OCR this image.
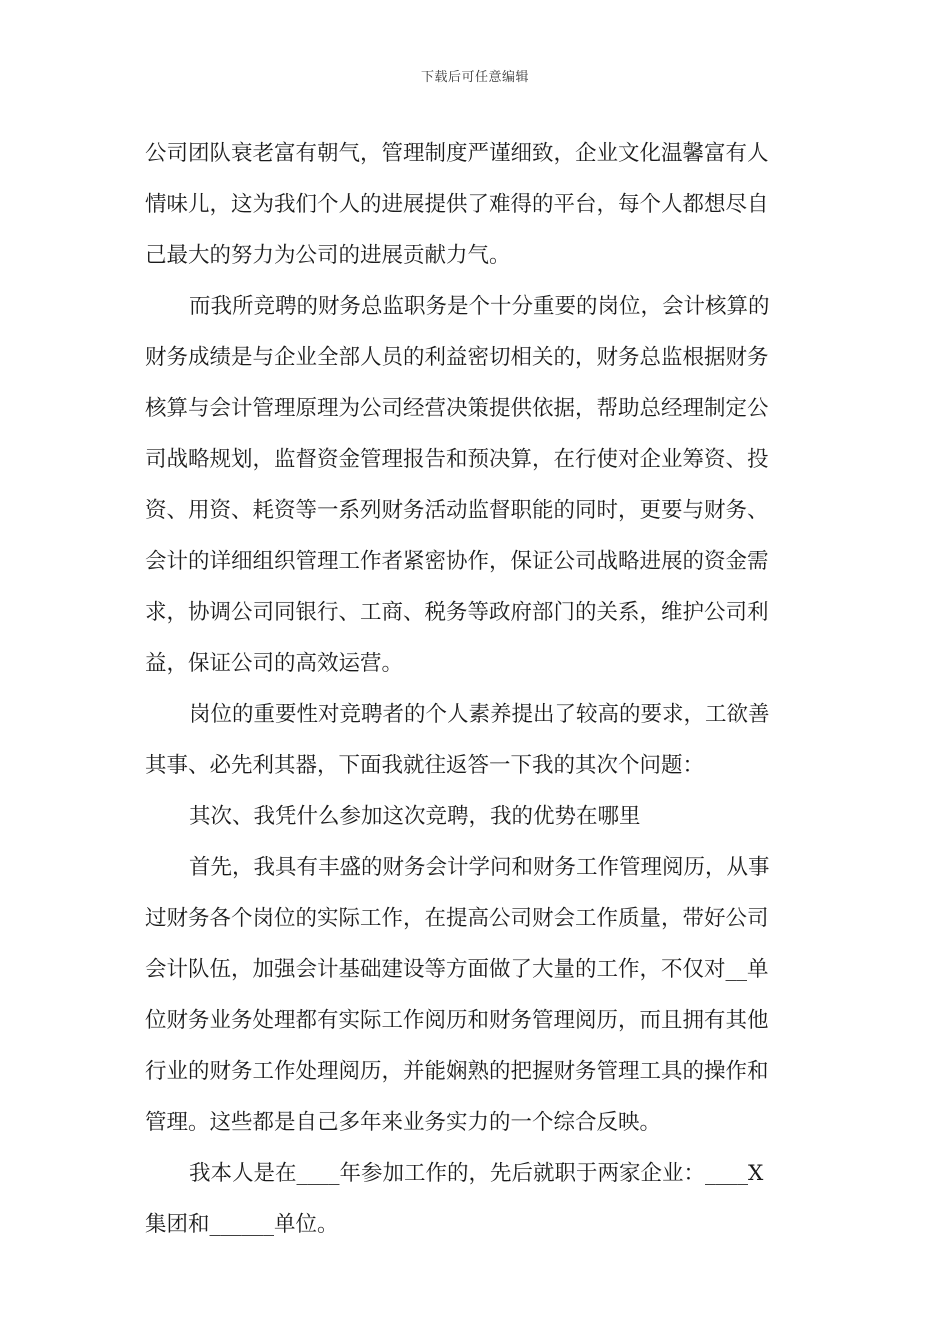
下载后可任意编辑
公司团队衰老富有朝气，管理制度严谨细致，企业文化温馨富有人
情味儿，这为我们个人的进展提供了难得的平台，每个人都想尽自
己最大的努力为公司的进展贡献力气。
而我所竞聘的财务总监职务是个十分重要的岗位，会计核算的
财务成绩是与企业全部人员的利益密切相关的，财务总监根据财务
核算与会计管理原理为公司经营决策提供依据，帮助总经理制定公
司战略规划，监督资金管理报告和预决算，在行使对企业筹资、投
资、用资、耗资等一系列财务活动监督职能的同时，更要与财务、
会计的详细组织管理工作者紧密协作，保证公司战略进展的资金需
求，协调公司同银行、工商、税务等政府部门的关系，维护公司利
益，保证公司的高效运营。
岗位的重要性对竞聘者的个人素养提出了较高的要求，工欲善
其事、必先利其器，下面我就往返答一下我的其次个问题：
其次、我凭什么参加这次竞聘，我的优势在哪里
首先，我具有丰盛的财务会计学问和财务工作管理阅历，从事
过财务各个岗位的实际工作，在提高公司财会工作质量，带好公司
会计队伍，加强会计基础建设等方面做了大量的工作，不仅对__单
位财务业务处理都有实际工作阅历和财务管理阅历，而且拥有其他
行业的财务工作处理阅历，并能娴熟的把握财务管理工具的操作和
管理。这些都是自己多年来业务实力的一个综合反映。
我本人是在____年参加工作的，先后就职于两家企业：____X
集团和______单位。
